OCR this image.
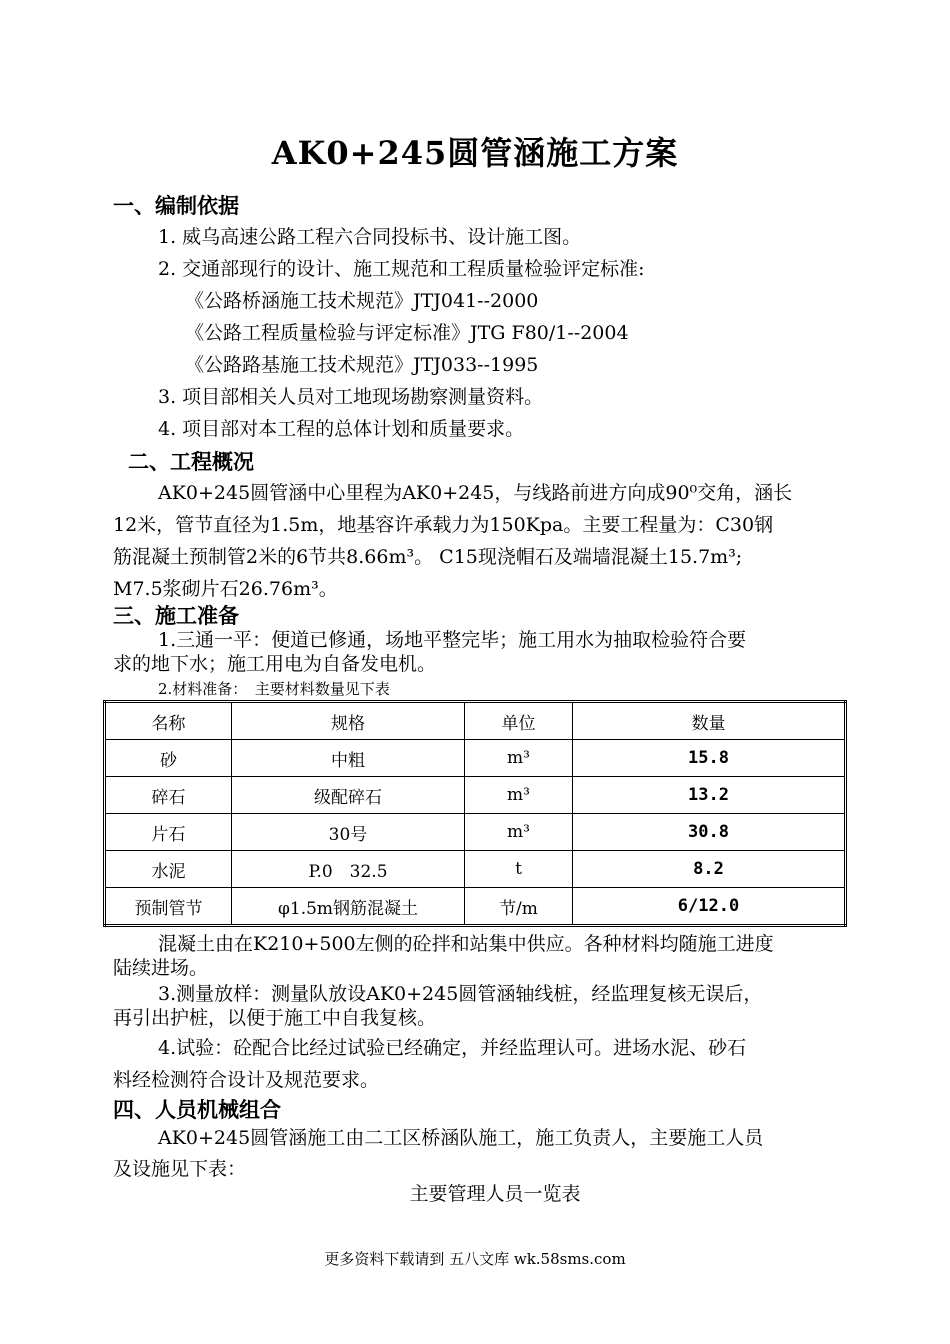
AK0+245圆管涵施工方案
一、编制依据
1. 威乌高速公路工程六合同投标书、设计施工图。
2. 交通部现行的设计、施工规范和工程质量检验评定标准:
《公路桥涵施工技术规范》JTJ041--2000
《公路工程质量检验与评定标准》JTG F80/1--2004
《公路路基施工技术规范》JTJ033--1995
3. 项目部相关人员对工地现场勘察测量资料。
4. 项目部对本工程的总体计划和质量要求。
二、工程概况
AK0+245圆管涵中心里程为AK0+245，与线路前进方向成90⁰交角，涵长
12米，管节直径为1.5m，地基容许承载力为150Kpa。主要工程量为：C30钢
筋混凝土预制管2米的6节共8.66m³。 C15现浇帽石及端墙混凝土15.7m³;
M7.5浆砌片石26.76m³。
三、施工准备
1.三通一平：便道已修通，场地平整完毕；施工用水为抽取检验符合要
求的地下水；施工用电为自备发电机。
2.材料准备：　主要材料数量见下表
名称	规格	单位	数量
砂	中粗	m³	15.8
碎石	级配碎石	m³	13.2
片石	30号	m³	30.8
水泥	P.0　32.5	t	8.2
预制管节	φ1.5m钢筋混凝土	节/m	6/12.0
混凝土由在K210+500左侧的砼拌和站集中供应。各种材料均随施工进度
陆续进场。
3.测量放样：测量队放设AK0+245圆管涵轴线桩，经监理复核无误后，
再引出护桩，以便于施工中自我复核。
4.试验：砼配合比经过试验已经确定，并经监理认可。进场水泥、砂石
料经检测符合设计及规范要求。
四、人员机械组合
AK0+245圆管涵施工由二工区桥涵队施工，施工负责人，主要施工人员
及设施见下表：
主要管理人员一览表
更多资料下载请到 五八文库 wk.58sms.com
